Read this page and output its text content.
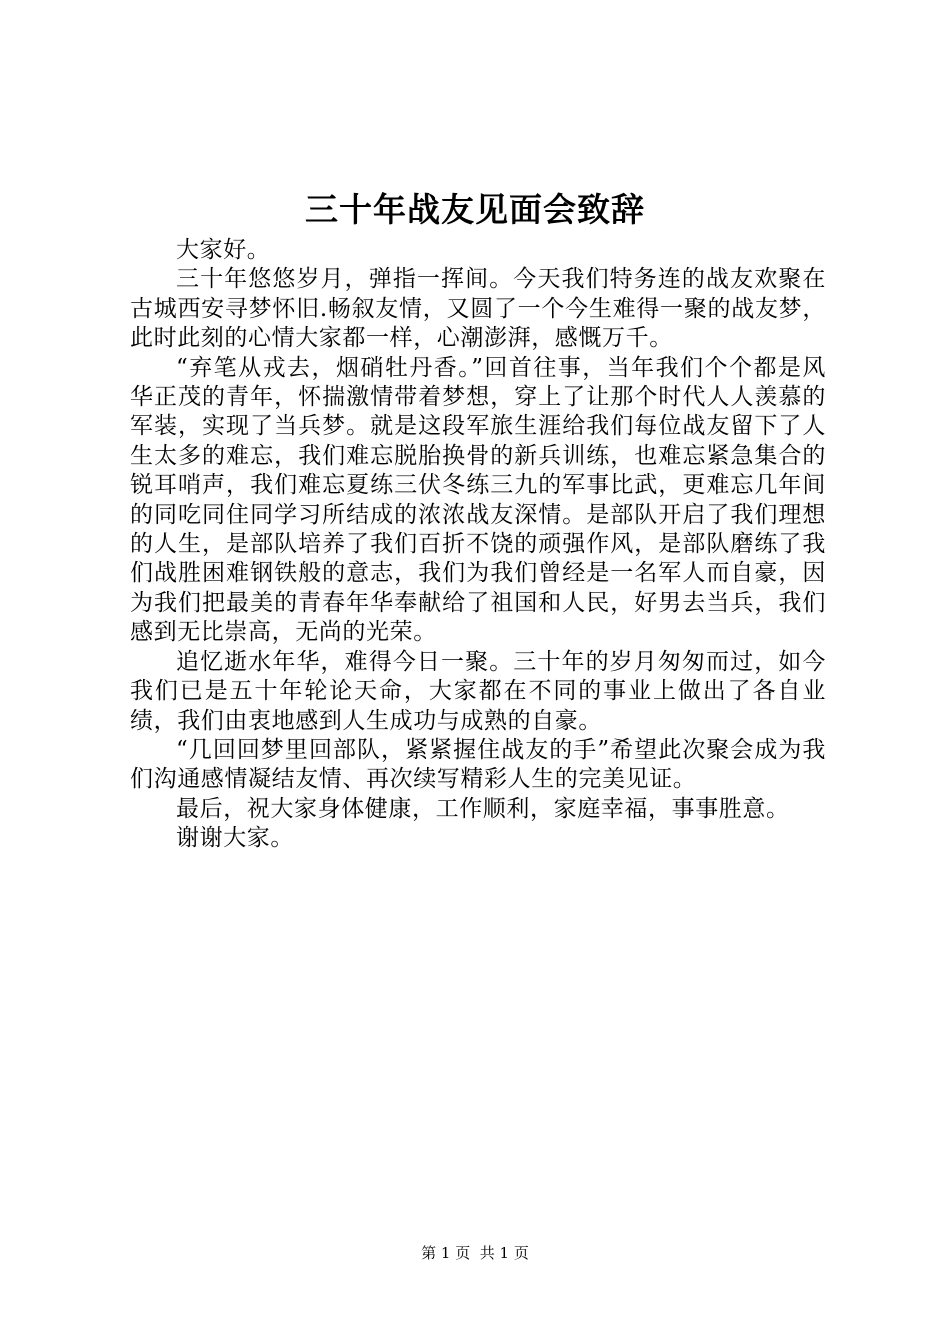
三十年战友见面会致辞

大家好。

三十年悠悠岁月，弹指一挥间。今天我们特务连的战友欢聚在古城西安寻梦怀旧.畅叙友情，又圆了一个今生难得一聚的战友梦，此时此刻的心情大家都一样，心潮澎湃，感慨万千。

“弃笔从戎去，烟硝牡丹香。”回首往事，当年我们个个都是风华正茂的青年，怀揣激情带着梦想，穿上了让那个时代人人羡慕的军装，实现了当兵梦。就是这段军旅生涯给我们每位战友留下了人生太多的难忘，我们难忘脱胎换骨的新兵训练，也难忘紧急集合的锐耳哨声，我们难忘夏练三伏冬练三九的军事比武，更难忘几年间的同吃同住同学习所结成的浓浓战友深情。是部队开启了我们理想的人生，是部队培养了我们百折不饶的顽强作风，是部队磨练了我们战胜困难钢铁般的意志，我们为我们曾经是一名军人而自豪，因为我们把最美的青春年华奉献给了祖国和人民，好男去当兵，我们感到无比崇高，无尚的光荣。

追忆逝水年华，难得今日一聚。三十年的岁月匆匆而过，如今我们已是五十年轮论天命，大家都在不同的事业上做出了各自业绩，我们由衷地感到人生成功与成熟的自豪。

“几回回梦里回部队，紧紧握住战友的手”希望此次聚会成为我们沟通感情凝结友情、再次续写精彩人生的完美见证。

最后，祝大家身体健康，工作顺利，家庭幸福，事事胜意。

谢谢大家。

第 1 页  共 1 页
